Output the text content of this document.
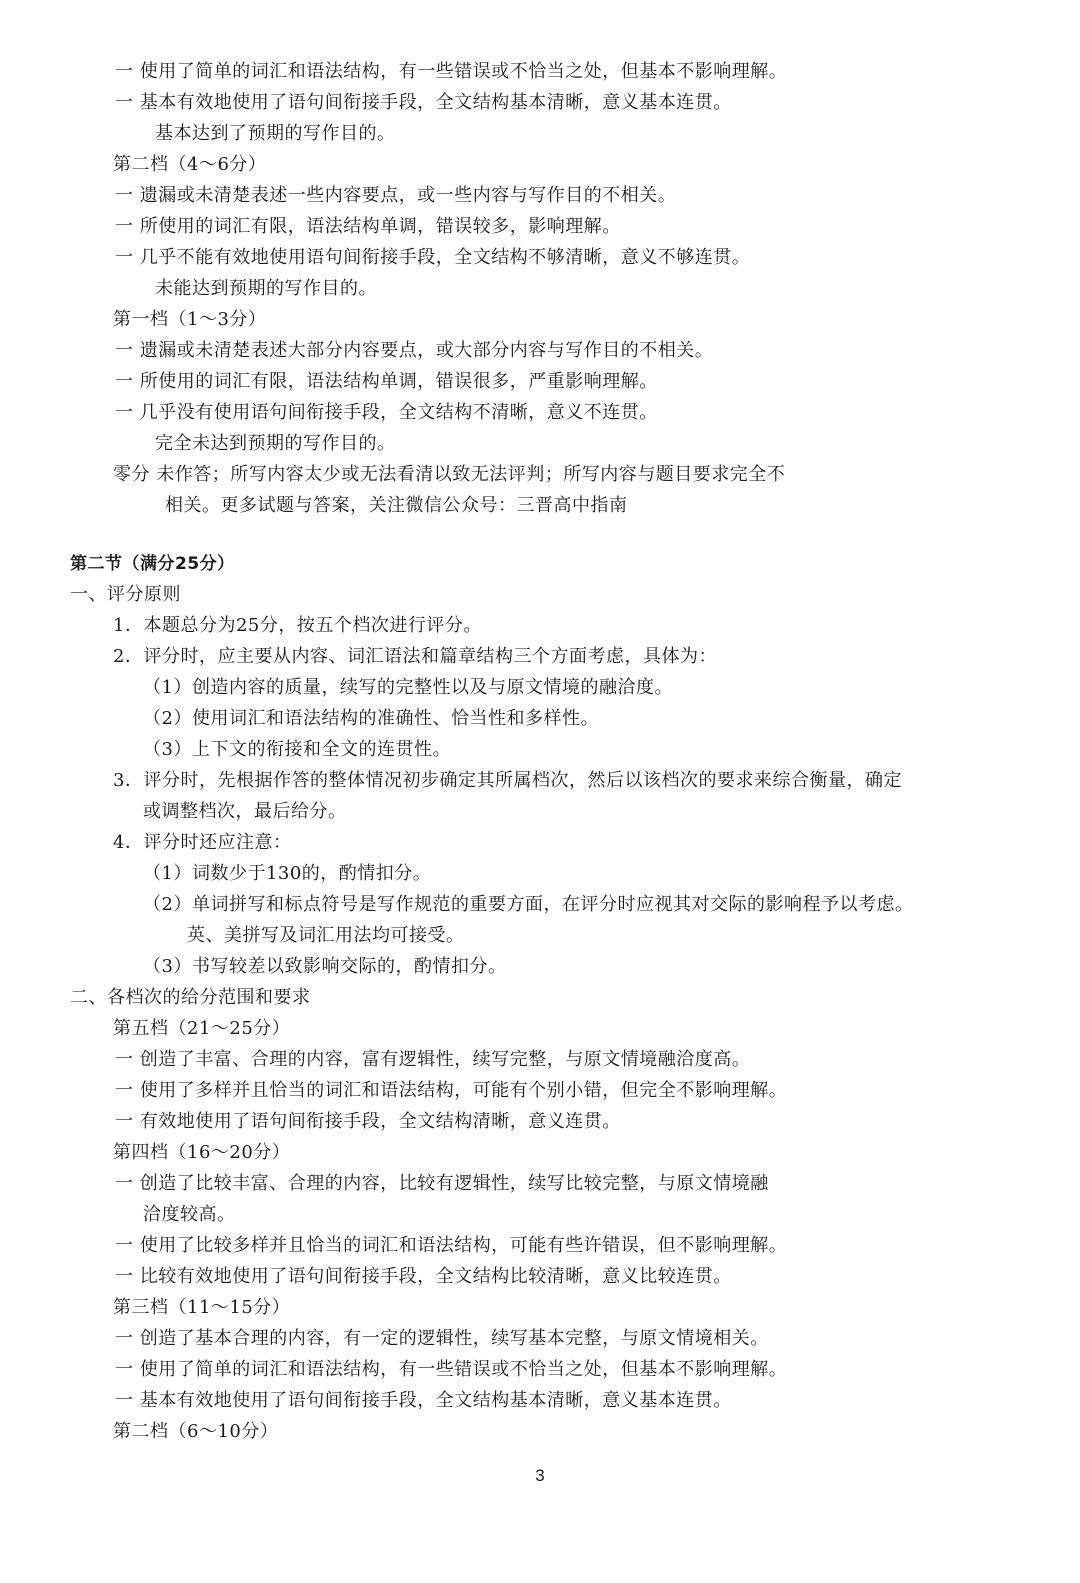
一 使用了简单的词汇和语法结构，有一些错误或不恰当之处，但基本不影响理解。
一 基本有效地使用了语句间衔接手段，全文结构基本清晰，意义基本连贯。
基本达到了预期的写作目的。
第二档（4～6分）
一 遗漏或未清楚表述一些内容要点，或一些内容与写作目的不相关。
一 所使用的词汇有限，语法结构单调，错误较多，影响理解。
一 几乎不能有效地使用语句间衔接手段，全文结构不够清晰，意义不够连贯。
未能达到预期的写作目的。
第一档（1～3分）
一 遗漏或未清楚表述大部分内容要点，或大部分内容与写作目的不相关。
一 所使用的词汇有限，语法结构单调，错误很多，严重影响理解。
一 几乎没有使用语句间衔接手段，全文结构不清晰，意义不连贯。
完全未达到预期的写作目的。
零分 未作答；所写内容太少或无法看清以致无法评判；所写内容与题目要求完全不
相关。更多试题与答案，关注微信公众号：三晋高中指南
第二节（满分25分）
一、评分原则
1．本题总分为25分，按五个档次进行评分。
2．评分时，应主要从内容、词汇语法和篇章结构三个方面考虑，具体为：
（1）创造内容的质量，续写的完整性以及与原文情境的融洽度。
（2）使用词汇和语法结构的准确性、恰当性和多样性。
（3）上下文的衔接和全文的连贯性。
3．评分时，先根据作答的整体情况初步确定其所属档次，然后以该档次的要求来综合衡量，确定
或调整档次，最后给分。
4．评分时还应注意：
（1）词数少于130的，酌情扣分。
（2）单词拼写和标点符号是写作规范的重要方面，在评分时应视其对交际的影响程予以考虑。
英、美拼写及词汇用法均可接受。
（3）书写较差以致影响交际的，酌情扣分。
二、各档次的给分范围和要求
第五档（21～25分）
一 创造了丰富、合理的内容，富有逻辑性，续写完整，与原文情境融洽度高。
一 使用了多样并且恰当的词汇和语法结构，可能有个别小错，但完全不影响理解。
一 有效地使用了语句间衔接手段，全文结构清晰，意义连贯。
第四档（16～20分）
一 创造了比较丰富、合理的内容，比较有逻辑性，续写比较完整，与原文情境融
洽度较高。
一 使用了比较多样并且恰当的词汇和语法结构，可能有些许错误，但不影响理解。
一 比较有效地使用了语句间衔接手段，全文结构比较清晰，意义比较连贯。
第三档（11～15分）
一 创造了基本合理的内容，有一定的逻辑性，续写基本完整，与原文情境相关。
一 使用了简单的词汇和语法结构，有一些错误或不恰当之处，但基本不影响理解。
一 基本有效地使用了语句间衔接手段，全文结构基本清晰，意义基本连贯。
第二档（6～10分）
3
